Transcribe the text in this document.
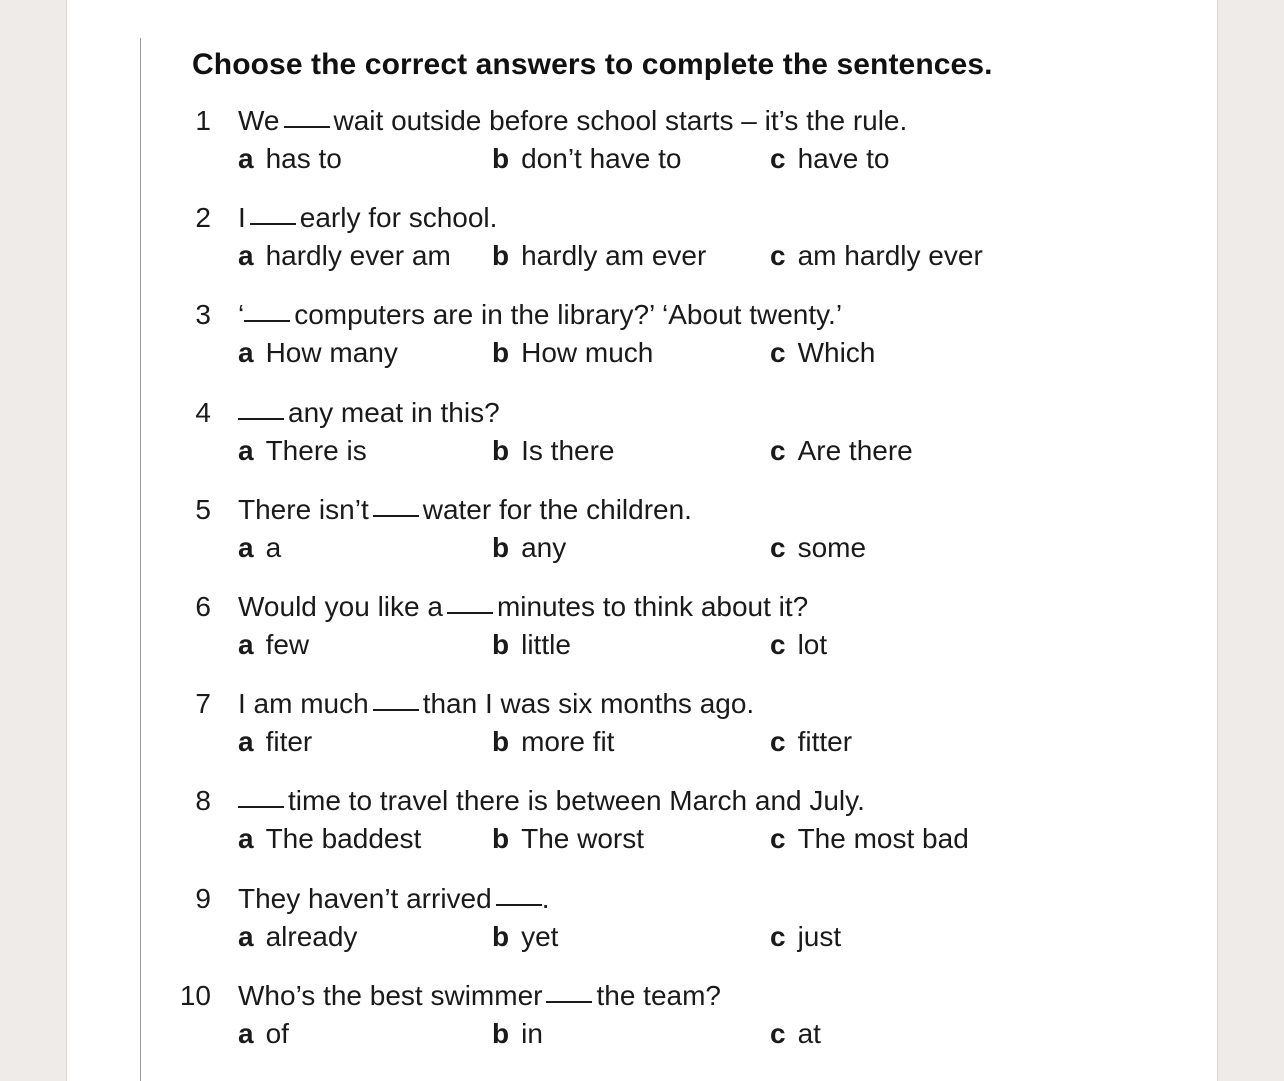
Choose the correct answers to complete the sentences.
1 We wait outside before school starts – it’s the rule.
a has to	b don’t have to	c have to
2 I early for school.
a hardly ever am b hardly am ever c am hardly ever
3 ‘ computers are in the library?’ ‘About twenty.’
a How many	b How much	c Which
4	any meat in this?
a There is	b Is there	c Are there
5 There isn’t water for the children.
a a	b any	c some
6 Would you like a minutes to think about it?
a few	b little	c lot
7 I am much than I was six months ago.
a fiter	b more fit	c fitter
8	time to travel there is between March and July.
a The baddest	b The worst	c The most bad
9 They haven’t arrived .
a already	b yet	c just
10 Who’s the best swimmer the team?
a of	b in	c at
